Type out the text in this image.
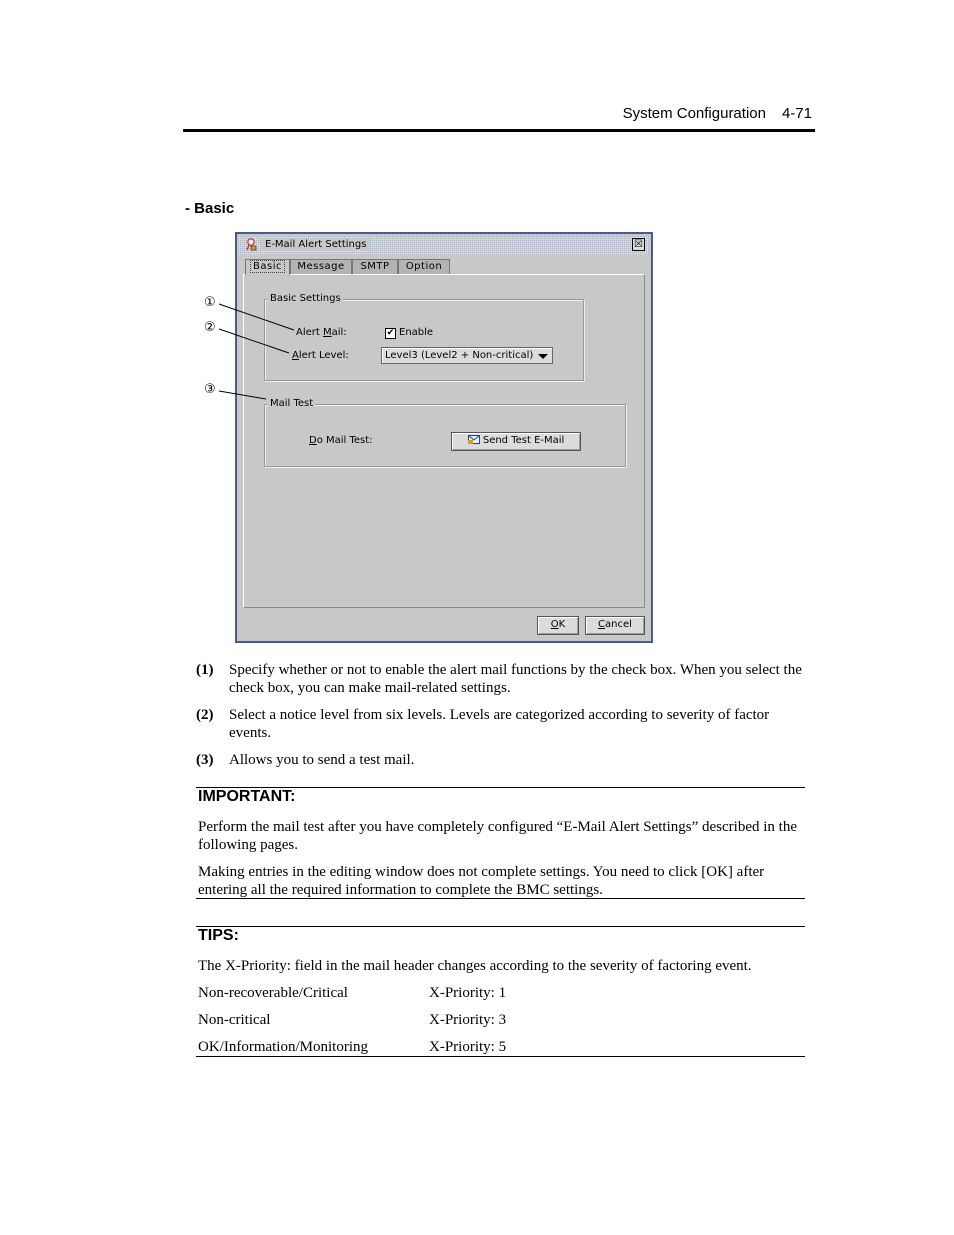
System Configuration 4-71
- Basic
E-Mail Alert Settings	☒
Basic	Message	SMTP	Option
Basic Settings
Alert Mail:	✔ Enable
Alert Level:	Level3 (Level2 + Non-critical)
Mail Test
Do Mail Test:	Send Test E-Mail
OK	Cancel
①
②
③
(1) Specify whether or not to enable the alert mail functions by the check box. When you select the check box, you can make mail-related settings.
(2) Select a notice level from six levels. Levels are categorized according to severity of factor events.
(3) Allows you to send a test mail.
IMPORTANT:
Perform the mail test after you have completely configured “E-Mail Alert Settings” described in the following pages.
Making entries in the editing window does not complete settings. You need to click [OK] after entering all the required information to complete the BMC settings.
TIPS:
The X-Priority: field in the mail header changes according to the severity of factoring event.
Non-recoverable/Critical	X-Priority: 1
Non-critical	X-Priority: 3
OK/Information/Monitoring	X-Priority: 5
